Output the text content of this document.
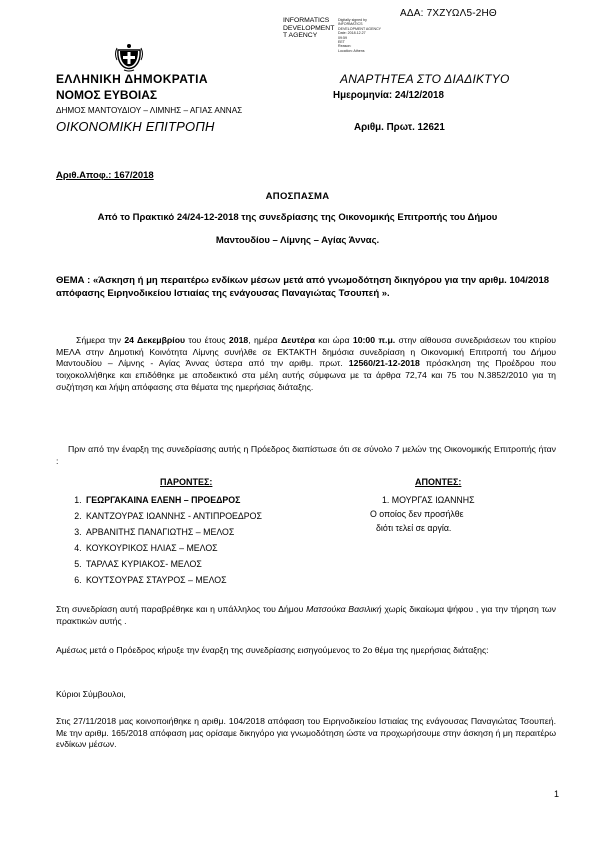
ΑΔΑ: 7ΧΖΥΩΛ5-2ΗΘ
INFORMATICS
DEVELOPMENT
T AGENCY
Digitally signed by
INFORMATICS
DEVELOPMENT AGENCY
Date: 2018.12.27
09:59
EET
Reason:
Location: Athens
ΕΛΛΗΝΙΚΗ ΔΗΜΟΚΡΑΤΙΑ
ΝΟΜΟΣ ΕΥΒΟΙΑΣ
ΔΗΜΟΣ ΜΑΝΤΟΥΔΙΟΥ – ΛΙΜΝΗΣ – ΑΓΙΑΣ ΑΝΝΑΣ
ΟΙΚΟΝΟΜΙΚΗ ΕΠΙΤΡΟΠΗ
ΑΝΑΡΤΗΤΕΑ ΣΤΟ ΔΙΑΔΙΚΤΥΟ
Ημερομηνία: 24/12/2018
Αριθμ. Πρωτ. 12621
Αριθ.Αποφ.: 167/2018
ΑΠΟΣΠΑΣΜΑ
Από το Πρακτικό 24/24-12-2018 της συνεδρίασης της Οικονομικής Επιτροπής του Δήμου
Μαντουδίου – Λίμνης – Αγίας Άννας.
ΘΕΜΑ : «Άσκηση ή μη περαιτέρω ενδίκων μέσων μετά από γνωμοδότηση δικηγόρου για την αριθμ. 104/2018 απόφασης Ειρηνοδικείου Ιστιαίας της ενάγουσας Παναγιώτας Τσουπεή ».
Σήμερα την 24 Δεκεμβρίου του έτους 2018, ημέρα Δευτέρα και ώρα 10:00 π.μ. στην αίθουσα συνεδριάσεων του κτιρίου ΜΕΛΑ στην Δημοτική Κοινότητα Λίμνης συνήλθε σε ΕΚΤΑΚΤΗ δημόσια συνεδρίαση η Οικονομική Επιτροπή του Δήμου Μαντουδίου – Λίμνης - Αγίας Άννας ύστερα από την αριθμ. πρωτ. 12560/21-12-2018 πρόσκληση της Προέδρου που τοιχοκολλήθηκε και επιδόθηκε με αποδεικτικό στα μέλη αυτής σύμφωνα με τα άρθρα 72,74 και 75 του Ν.3852/2010 για τη συζήτηση και λήψη απόφασης στα θέματα της ημερήσιας διάταξης.
Πριν από την έναρξη της συνεδρίασης αυτής η Πρόεδρος διαπίστωσε ότι σε σύνολο 7 μελών της Οικονομικής Επιτροπής ήταν :
ΠΑΡΟΝΤΕΣ:	ΑΠΟΝΤΕΣ:
1. ΓΕΩΡΓΑΚΑΙΝΑ ΕΛΕΝΗ – ΠΡΟΕΔΡΟΣ
2. ΚΑΝΤΖΟΥΡΑΣ ΙΩΑΝΝΗΣ - ΑΝΤΙΠΡΟΕΔΡΟΣ
3. ΑΡΒΑΝΙΤΗΣ ΠΑΝΑΓΙΩΤΗΣ – ΜΕΛΟΣ
4. ΚΟΥΚΟΥΡΙΚΟΣ ΗΛΙΑΣ – ΜΕΛΟΣ
5. ΤΑΡΛΑΣ ΚΥΡΙΑΚΟΣ- ΜΕΛΟΣ
6. ΚΟΥΤΣΟΥΡΑΣ ΣΤΑΥΡΟΣ – ΜΕΛΟΣ
1. ΜΟΥΡΓΑΣ ΙΩΑΝΝΗΣ
Ο οποίος δεν προσήλθε
διότι τελεί σε αργία.
Στη συνεδρίαση αυτή παραβρέθηκε και η υπάλληλος του Δήμου Ματσούκα Βασιλική χωρίς δικαίωμα ψήφου , για την τήρηση των πρακτικών αυτής .
Αμέσως μετά ο Πρόεδρος κήρυξε την έναρξη της συνεδρίασης εισηγούμενος το 2ο θέμα της ημερήσιας διάταξης:
Κύριοι Σύμβουλοι,
Στις 27/11/2018 μας κοινοποιήθηκε η αριθμ. 104/2018 απόφαση του Ειρηνοδικείου Ιστιαίας της ενάγουσας Παναγιώτας Τσουπεή. Με την αριθμ. 165/2018 απόφαση μας ορίσαμε δικηγόρο για γνωμοδότηση ώστε να προχωρήσουμε στην άσκηση ή μη περαιτέρω ενδίκων μέσων.
1
